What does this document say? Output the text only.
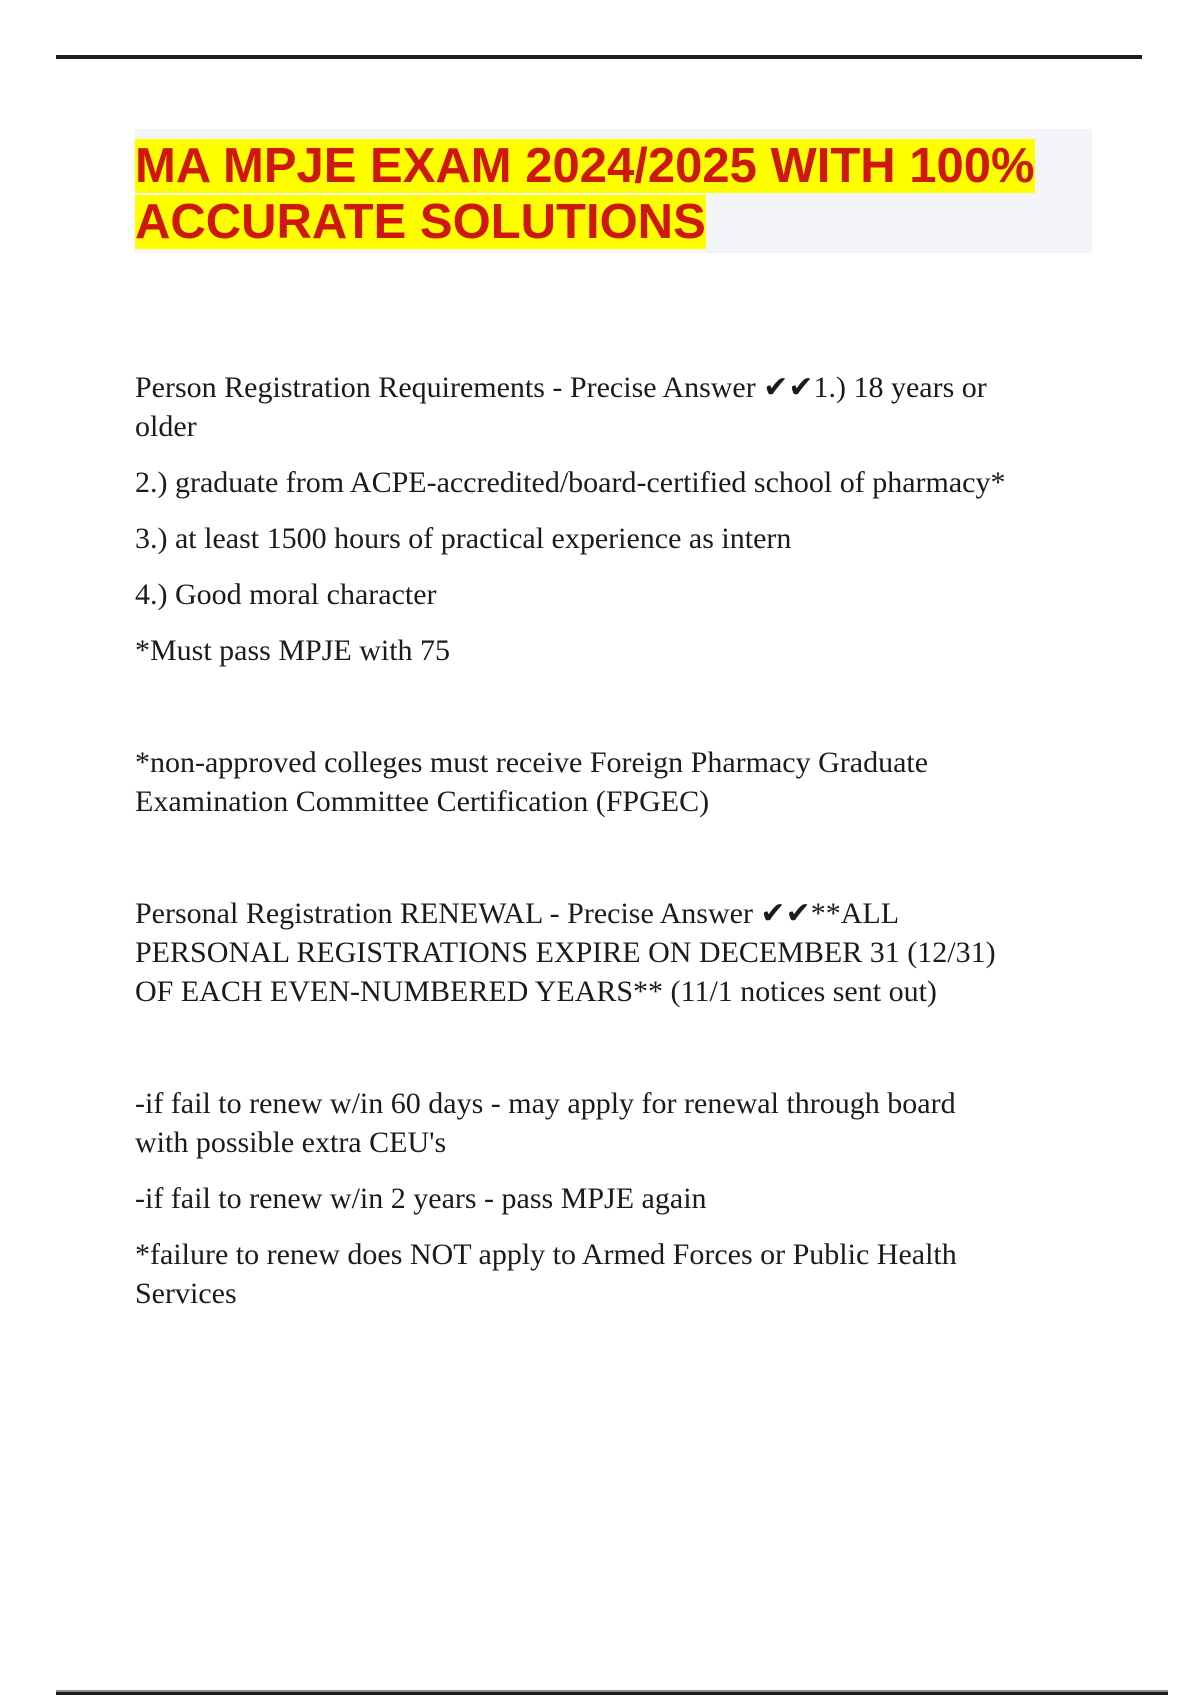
MA MPJE EXAM 2024/2025 WITH 100% ACCURATE SOLUTIONS
Person Registration Requirements - Precise Answer ✔✔1.) 18 years or
older
2.) graduate from ACPE-accredited/board-certified school of pharmacy*
3.) at least 1500 hours of practical experience as intern
4.) Good moral character
*Must pass MPJE with 75
*non-approved colleges must receive Foreign Pharmacy Graduate
Examination Committee Certification (FPGEC)
Personal Registration RENEWAL - Precise Answer ✔✔**ALL
PERSONAL REGISTRATIONS EXPIRE ON DECEMBER 31 (12/31)
OF EACH EVEN-NUMBERED YEARS** (11/1 notices sent out)
-if fail to renew w/in 60 days - may apply for renewal through board
with possible extra CEU's
-if fail to renew w/in 2 years - pass MPJE again
*failure to renew does NOT apply to Armed Forces or Public Health
Services
